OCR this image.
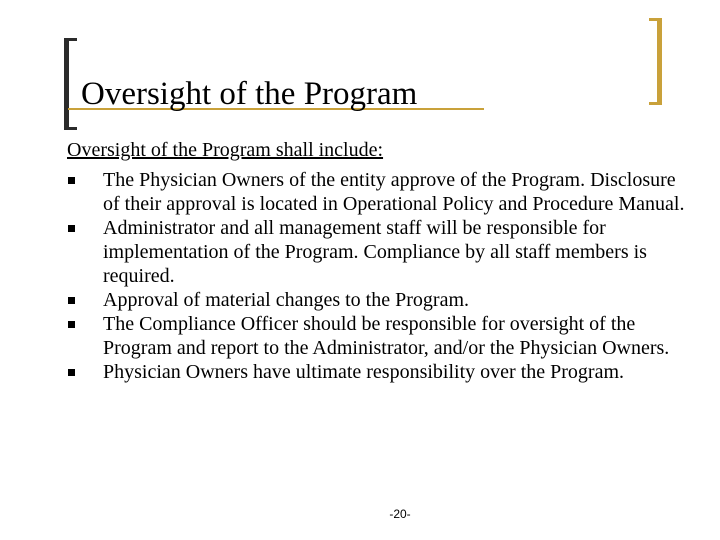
Oversight of the Program
Oversight of the Program shall include:
The Physician Owners of the entity approve of the Program. Disclosure of their approval is located in Operational Policy and Procedure Manual.
Administrator and all management staff will be responsible for implementation of the Program. Compliance by all staff members is required.
Approval of material changes to the Program.
The Compliance Officer should be responsible for oversight of the Program and report to the Administrator, and/or the Physician Owners.
Physician Owners have ultimate responsibility over the Program.
-20-
